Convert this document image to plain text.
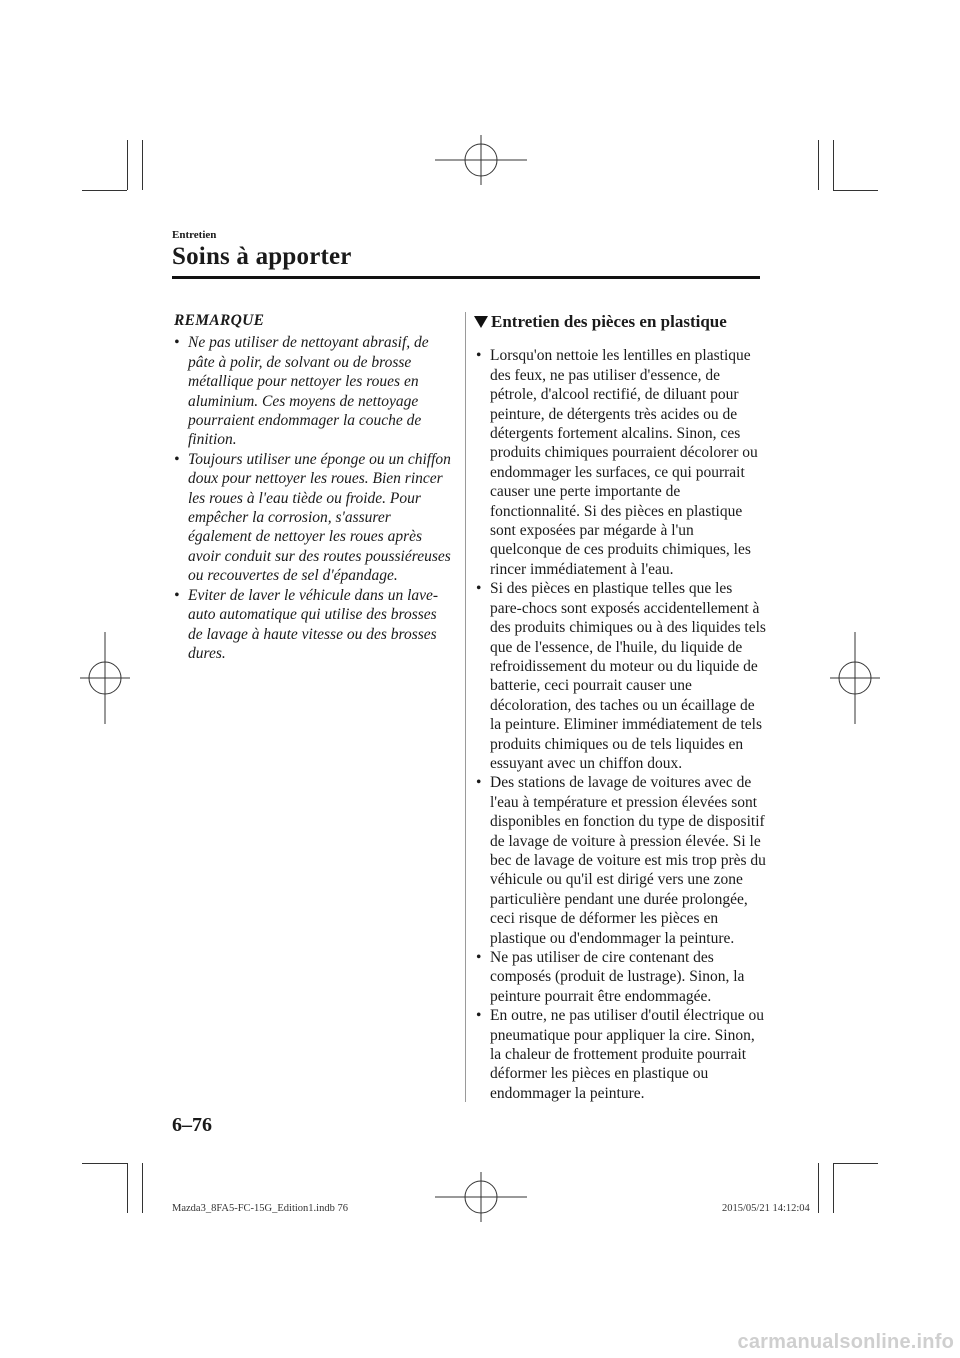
Entretien
Soins à apporter
REMARQUE
• Ne pas utiliser de nettoyant abrasif, de pâte à polir, de solvant ou de brosse métallique pour nettoyer les roues en aluminium. Ces moyens de nettoyage pourraient endommager la couche de finition.
• Toujours utiliser une éponge ou un chiffon doux pour nettoyer les roues. Bien rincer les roues à l'eau tiède ou froide. Pour empêcher la corrosion, s'assurer également de nettoyer les roues après avoir conduit sur des routes poussiéreuses ou recouvertes de sel d'épandage.
• Eviter de laver le véhicule dans un lave-auto automatique qui utilise des brosses de lavage à haute vitesse ou des brosses dures.
Entretien des pièces en plastique
• Lorsqu'on nettoie les lentilles en plastique des feux, ne pas utiliser d'essence, de pétrole, d'alcool rectifié, de diluant pour peinture, de détergents très acides ou de détergents fortement alcalins. Sinon, ces produits chimiques pourraient décolorer ou endommager les surfaces, ce qui pourrait causer une perte importante de fonctionnalité. Si des pièces en plastique sont exposées par mégarde à l'un quelconque de ces produits chimiques, les rincer immédiatement à l'eau.
• Si des pièces en plastique telles que les pare-chocs sont exposés accidentellement à des produits chimiques ou à des liquides tels que de l'essence, de l'huile, du liquide de refroidissement du moteur ou du liquide de batterie, ceci pourrait causer une décoloration, des taches ou un écaillage de la peinture. Eliminer immédiatement de tels produits chimiques ou de tels liquides en essuyant avec un chiffon doux.
• Des stations de lavage de voitures avec de l'eau à température et pression élevées sont disponibles en fonction du type de dispositif de lavage de voiture à pression élevée. Si le bec de lavage de voiture est mis trop près du véhicule ou qu'il est dirigé vers une zone particulière pendant une durée prolongée, ceci risque de déformer les pièces en plastique ou d'endommager la peinture.
• Ne pas utiliser de cire contenant des composés (produit de lustrage). Sinon, la peinture pourrait être endommagée.
• En outre, ne pas utiliser d'outil électrique ou pneumatique pour appliquer la cire. Sinon, la chaleur de frottement produite pourrait déformer les pièces en plastique ou endommager la peinture.
6–76
Mazda3_8FA5-FC-15G_Edition1.indb 76	2015/05/21 14:12:04
carmanualsonline.info
